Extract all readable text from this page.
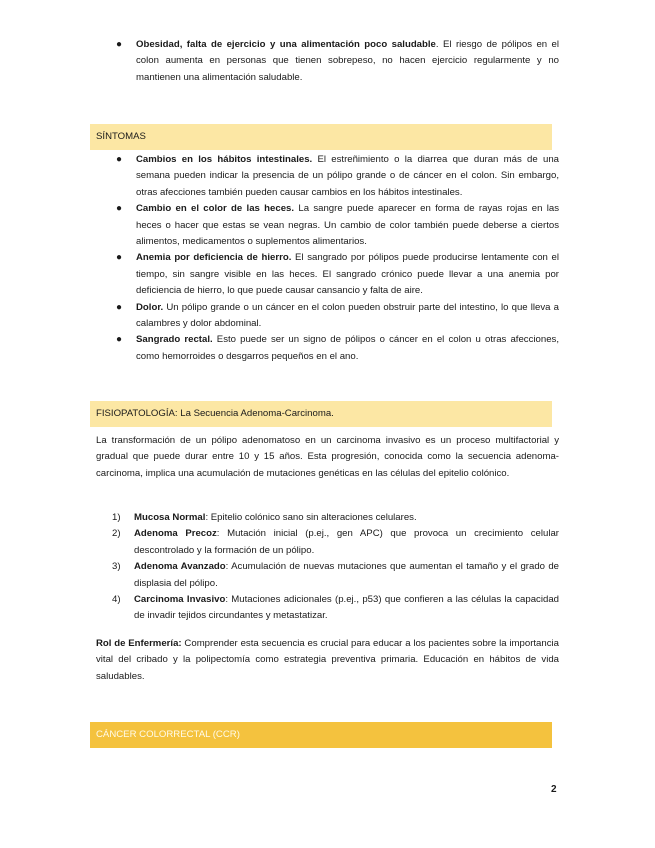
● Obesidad, falta de ejercicio y una alimentación poco saludable. El riesgo de pólipos en el colon aumenta en personas que tienen sobrepeso, no hacen ejercicio regularmente y no mantienen una alimentación saludable.
SÍNTOMAS
● Cambios en los hábitos intestinales. El estreñimiento o la diarrea que duran más de una semana pueden indicar la presencia de un pólipo grande o de cáncer en el colon. Sin embargo, otras afecciones también pueden causar cambios en los hábitos intestinales.
● Cambio en el color de las heces. La sangre puede aparecer en forma de rayas rojas en las heces o hacer que estas se vean negras. Un cambio de color también puede deberse a ciertos alimentos, medicamentos o suplementos alimentarios.
● Anemia por deficiencia de hierro. El sangrado por pólipos puede producirse lentamente con el tiempo, sin sangre visible en las heces. El sangrado crónico puede llevar a una anemia por deficiencia de hierro, lo que puede causar cansancio y falta de aire.
● Dolor. Un pólipo grande o un cáncer en el colon pueden obstruir parte del intestino, lo que lleva a calambres y dolor abdominal.
● Sangrado rectal. Esto puede ser un signo de pólipos o cáncer en el colon u otras afecciones, como hemorroides o desgarros pequeños en el ano.
FISIOPATOLOGÍA: La Secuencia Adenoma-Carcinoma.
La transformación de un pólipo adenomatoso en un carcinoma invasivo es un proceso multifactorial y gradual que puede durar entre 10 y 15 años. Esta progresión, conocida como la secuencia adenoma-carcinoma, implica una acumulación de mutaciones genéticas en las células del epitelio colónico.
1) Mucosa Normal: Epitelio colónico sano sin alteraciones celulares.
2) Adenoma Precoz: Mutación inicial (p.ej., gen APC) que provoca un crecimiento celular descontrolado y la formación de un pólipo.
3) Adenoma Avanzado: Acumulación de nuevas mutaciones que aumentan el tamaño y el grado de displasia del pólipo.
4) Carcinoma Invasivo: Mutaciones adicionales (p.ej., p53) que confieren a las células la capacidad de invadir tejidos circundantes y metastatizar.
Rol de Enfermería: Comprender esta secuencia es crucial para educar a los pacientes sobre la importancia vital del cribado y la polipectomía como estrategia preventiva primaria. Educación en hábitos de vida saludables.
CÁNCER COLORRECTAL (CCR)
2
